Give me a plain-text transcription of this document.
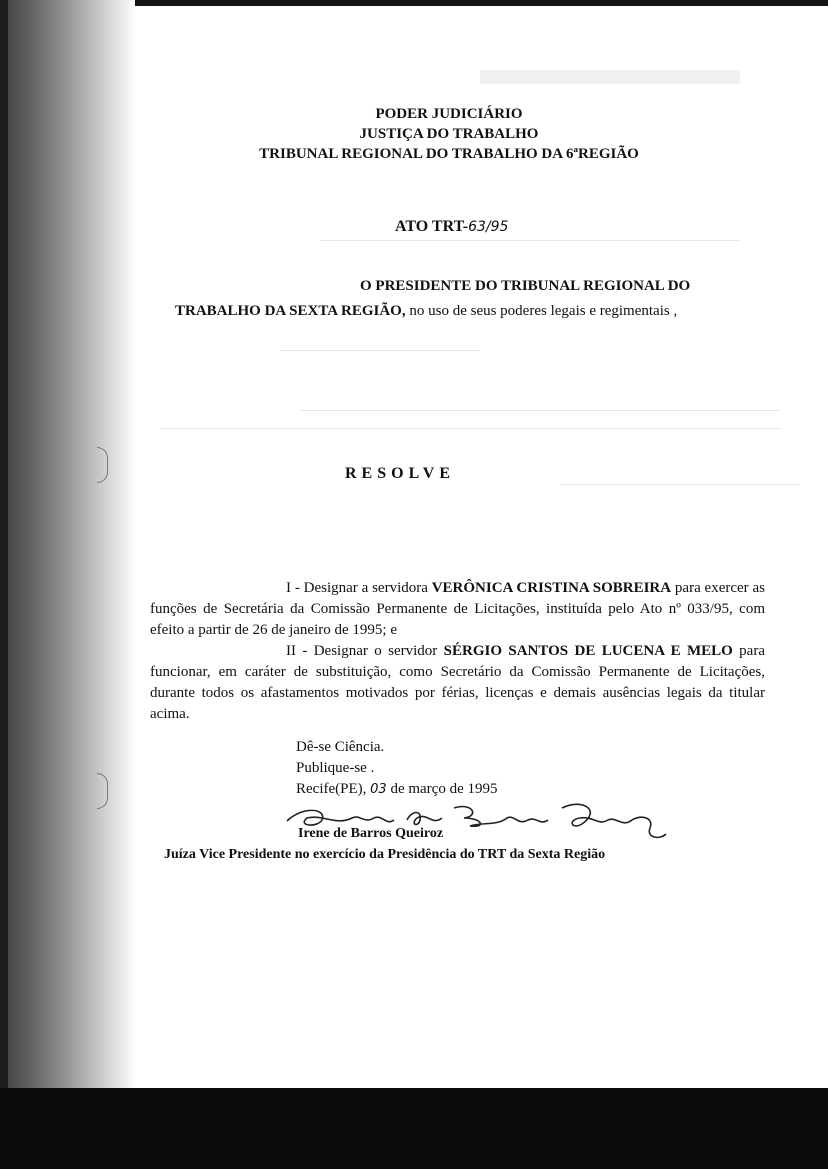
PODER JUDICIÁRIO
JUSTIÇA DO TRABALHO
TRIBUNAL REGIONAL DO TRABALHO DA 6ªREGIÃO
ATO TRT-63/95
O PRESIDENTE DO TRIBUNAL REGIONAL DO
TRABALHO DA SEXTA REGIÃO, no uso de seus poderes legais e regimentais ,
RESOLVE
I - Designar a servidora VERÔNICA CRISTINA SOBREIRA para exercer as funções de Secretária da Comissão Permanente de Licitações, instituída pelo Ato nº 033/95, com efeito a partir de 26 de janeiro de 1995; e
II - Designar o servidor SÉRGIO SANTOS DE LUCENA E MELO para funcionar, em caráter de substituição, como Secretário da Comissão Permanente de Licitações, durante todos os afastamentos motivados por férias, licenças e demais ausências legais da titular acima.
Dê-se Ciência.
Publique-se .
Recife(PE), 03 de março de 1995
Irene de Barros Queiroz
Juíza Vice Presidente no exercício da Presidência do TRT da Sexta Região
